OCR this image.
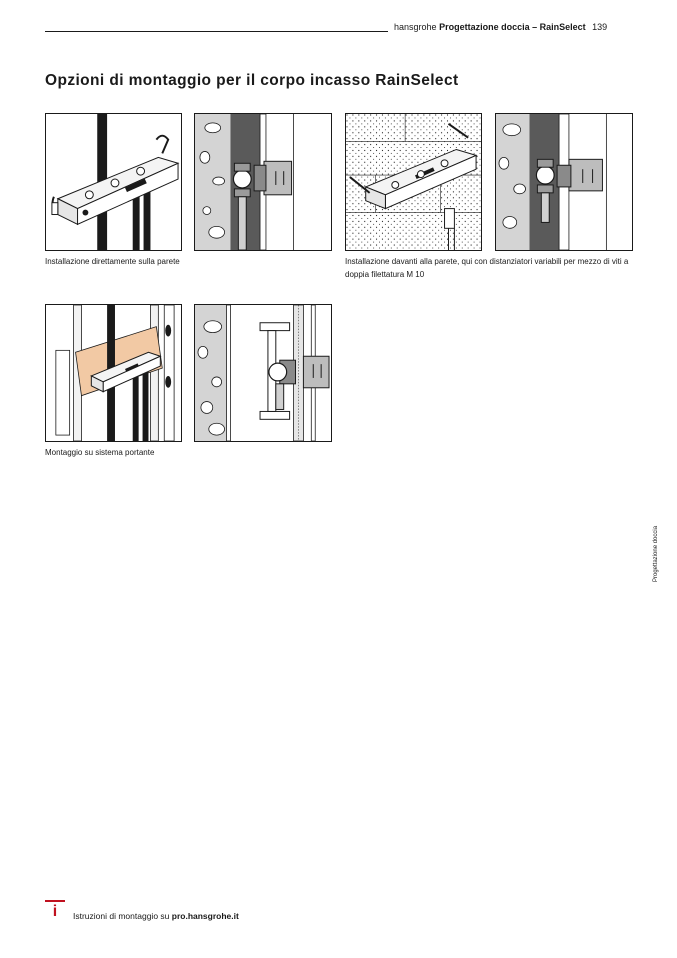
hansgrohe Progettazione doccia – RainSelect 139
Opzioni di montaggio per il corpo incasso RainSelect
Installazione direttamente sulla parete	Installazione davanti alla parete, qui con distanziatori variabili per mezzo di viti a doppia filettatura M 10
Montaggio su sistema portante
Progettazione doccia
i	Istruzioni di montaggio su pro.hansgrohe.it
